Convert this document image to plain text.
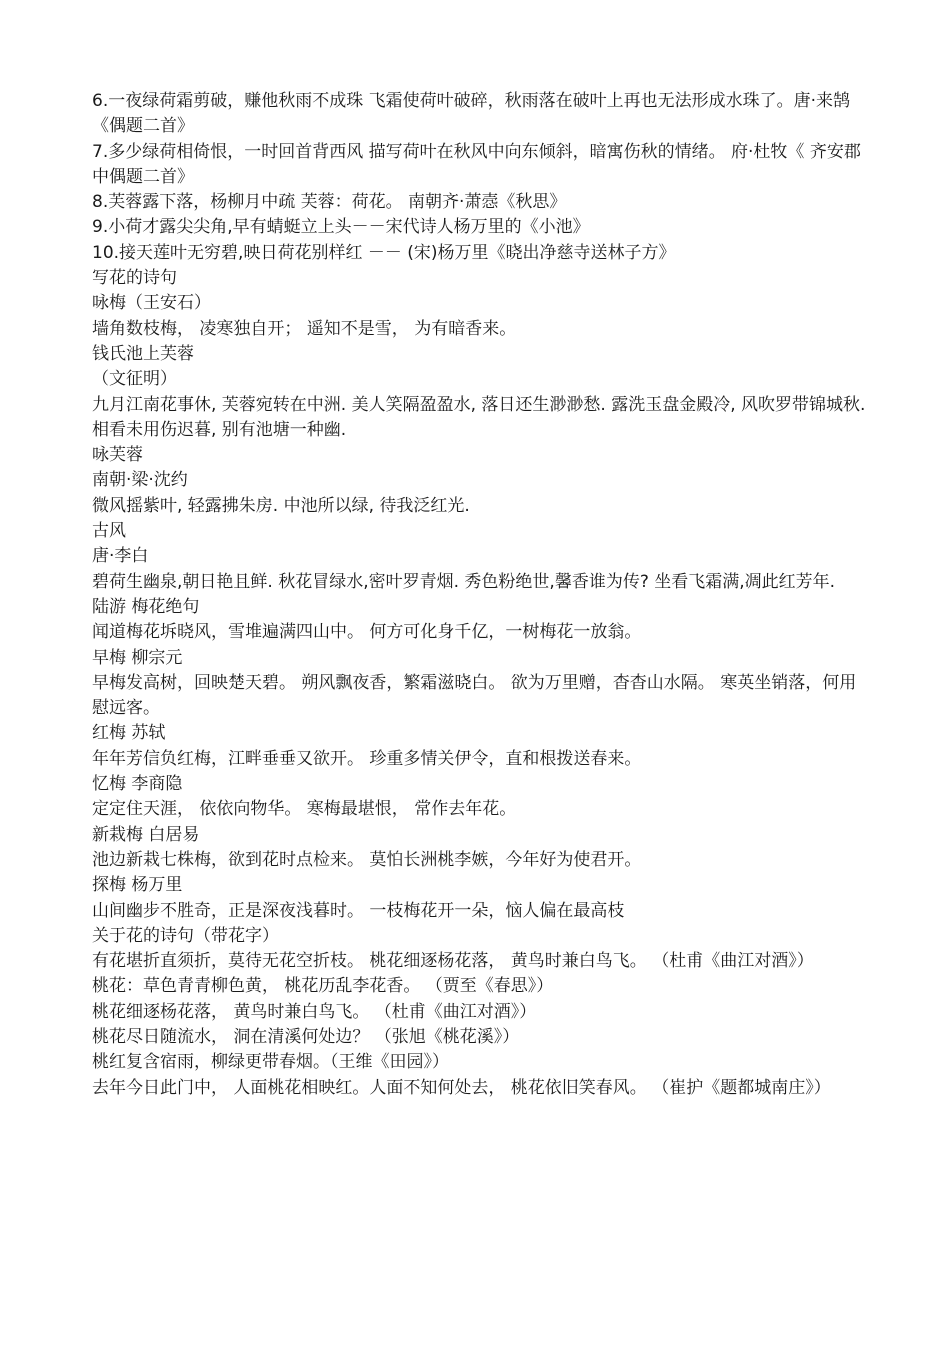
6.一夜绿荷霜剪破，赚他秋雨不成珠 飞霜使荷叶破碎，秋雨落在破叶上再也无法形成水珠了。唐·来鹄《偶题二首》

7.多少绿荷相倚恨，一时回首背西风 描写荷叶在秋风中向东倾斜，暗寓伤秋的情绪。 府·杜牧《 齐安郡中偶题二首》

8.芙蓉露下落，杨柳月中疏 芙蓉：荷花。 南朝齐·萧悫《秋思》

9.小荷才露尖尖角,早有蜻蜓立上头－－宋代诗人杨万里的《小池》

10.接天莲叶无穷碧,映日荷花别样红 －－ (宋)杨万里《晓出净慈寺送林子方》

写花的诗句

咏梅（王安石）

墙角数枝梅， 凌寒独自开； 遥知不是雪， 为有暗香来。

钱氏池上芙蓉

（文征明）

九月江南花事休, 芙蓉宛转在中洲. 美人笑隔盈盈水, 落日还生渺渺愁. 露洗玉盘金殿冷, 风吹罗带锦城秋. 相看未用伤迟暮, 别有池塘一种幽.

咏芙蓉

南朝·梁·沈约

微风摇紫叶, 轻露拂朱房. 中池所以绿, 待我泛红光.

古风

唐·李白

碧荷生幽泉,朝日艳且鲜. 秋花冒绿水,密叶罗青烟. 秀色粉绝世,馨香谁为传? 坐看飞霜满,凋此红芳年.

陆游 梅花绝句

闻道梅花坼晓风，雪堆遍满四山中。 何方可化身千亿，一树梅花一放翁。

早梅 柳宗元

早梅发高树，回映楚天碧。 朔风飘夜香，繁霜滋晓白。 欲为万里赠，杳杳山水隔。 寒英坐销落，何用慰远客。

红梅 苏轼

年年芳信负红梅，江畔垂垂又欲开。 珍重多情关伊令，直和根拨送春来。

忆梅 李商隐

定定住天涯， 依依向物华。 寒梅最堪恨， 常作去年花。

新栽梅 白居易

池边新栽七株梅，欲到花时点检来。 莫怕长洲桃李嫉，今年好为使君开。

探梅 杨万里

山间幽步不胜奇，正是深夜浅暮时。 一枝梅花开一朵，恼人偏在最高枝

关于花的诗句（带花字）

有花堪折直须折，莫待无花空折枝。 桃花细逐杨花落， 黄鸟时兼白鸟飞。 （杜甫《曲江对酒》）

桃花：草色青青柳色黄， 桃花历乱李花香。 （贾至《春思》）

桃花细逐杨花落， 黄鸟时兼白鸟飞。 （杜甫《曲江对酒》）

桃花尽日随流水， 洞在清溪何处边？ （张旭《桃花溪》）

桃红复含宿雨，柳绿更带春烟。（王维《田园》）

去年今日此门中， 人面桃花相映红。人面不知何处去， 桃花依旧笑春风。 （崔护《题都城南庄》）
